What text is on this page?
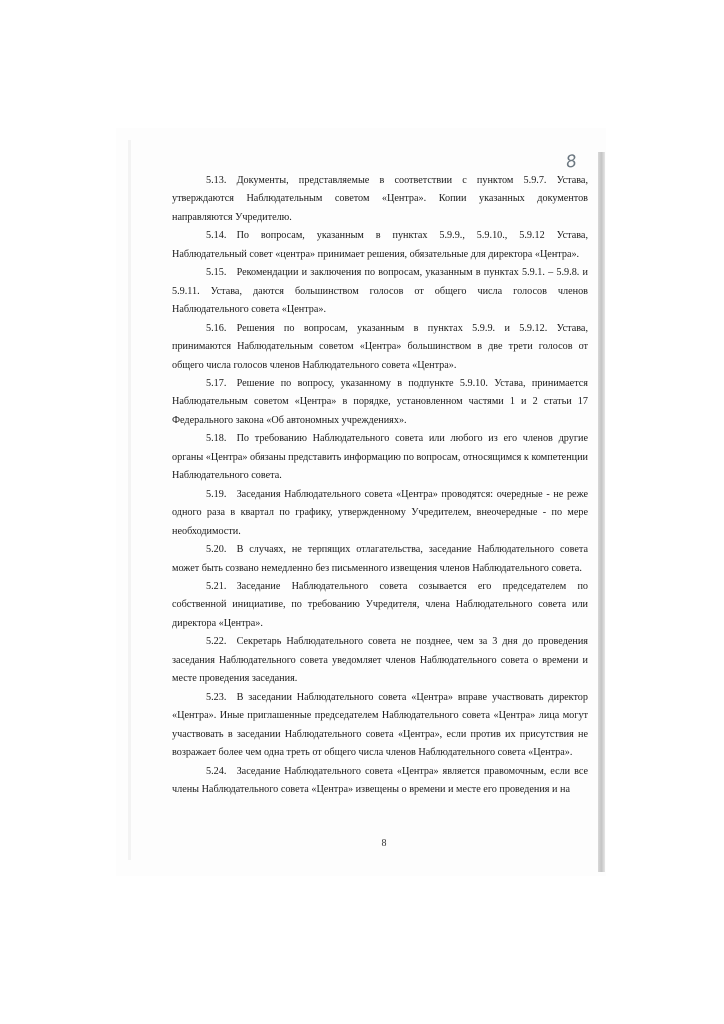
8

5.13.  Документы, представляемые в соответствии с пунктом 5.9.7. Устава, утверждаются Наблюдательным советом «Центра». Копии указанных документов направляются Учредителю.

5.14.  По вопросам, указанным в пунктах 5.9.9., 5.9.10., 5.9.12 Устава, Наблюдательный совет «центра» принимает решения, обязательные для директора «Центра».

5.15.  Рекомендации и заключения по вопросам, указанным в пунктах 5.9.1. – 5.9.8. и 5.9.11. Устава, даются большинством голосов от общего числа голосов членов Наблюдательного совета «Центра».

5.16.  Решения по вопросам, указанным в пунктах 5.9.9. и 5.9.12. Устава, принимаются Наблюдательным советом «Центра» большинством в две трети голосов от общего числа голосов членов Наблюдательного совета «Центра».

5.17.  Решение по вопросу, указанному в подпункте 5.9.10. Устава, принимается Наблюдательным советом «Центра» в порядке, установленном частями 1 и 2 статьи 17 Федерального закона «Об автономных учреждениях».

5.18.  По требованию Наблюдательного совета или любого из его членов другие органы «Центра» обязаны представить информацию по вопросам, относящимся к компетенции Наблюдательного совета.

5.19.  Заседания Наблюдательного совета «Центра» проводятся: очередные - не реже одного раза в квартал по графику, утвержденному Учредителем, внеочередные - по мере необходимости.

5.20.  В случаях, не терпящих отлагательства, заседание Наблюдательного совета может быть созвано немедленно без письменного извещения членов Наблюдательного совета.

5.21.  Заседание Наблюдательного совета созывается его председателем по собственной инициативе, по требованию Учредителя, члена Наблюдательного совета или директора «Центра».

5.22.  Секретарь Наблюдательного совета не позднее, чем за 3 дня до проведения заседания Наблюдательного совета уведомляет членов Наблюдательного совета о времени и месте проведения заседания.

5.23.  В заседании Наблюдательного совета «Центра» вправе участвовать директор «Центра». Иные приглашенные председателем Наблюдательного совета «Центра» лица могут участвовать в заседании Наблюдательного совета «Центра», если против их присутствия не возражает более чем одна треть от общего числа членов Наблюдательного совета «Центра».

5.24.  Заседание Наблюдательного совета «Центра» является правомочным, если все члены Наблюдательного совета «Центра» извещены о времени и месте его проведения и на

8
